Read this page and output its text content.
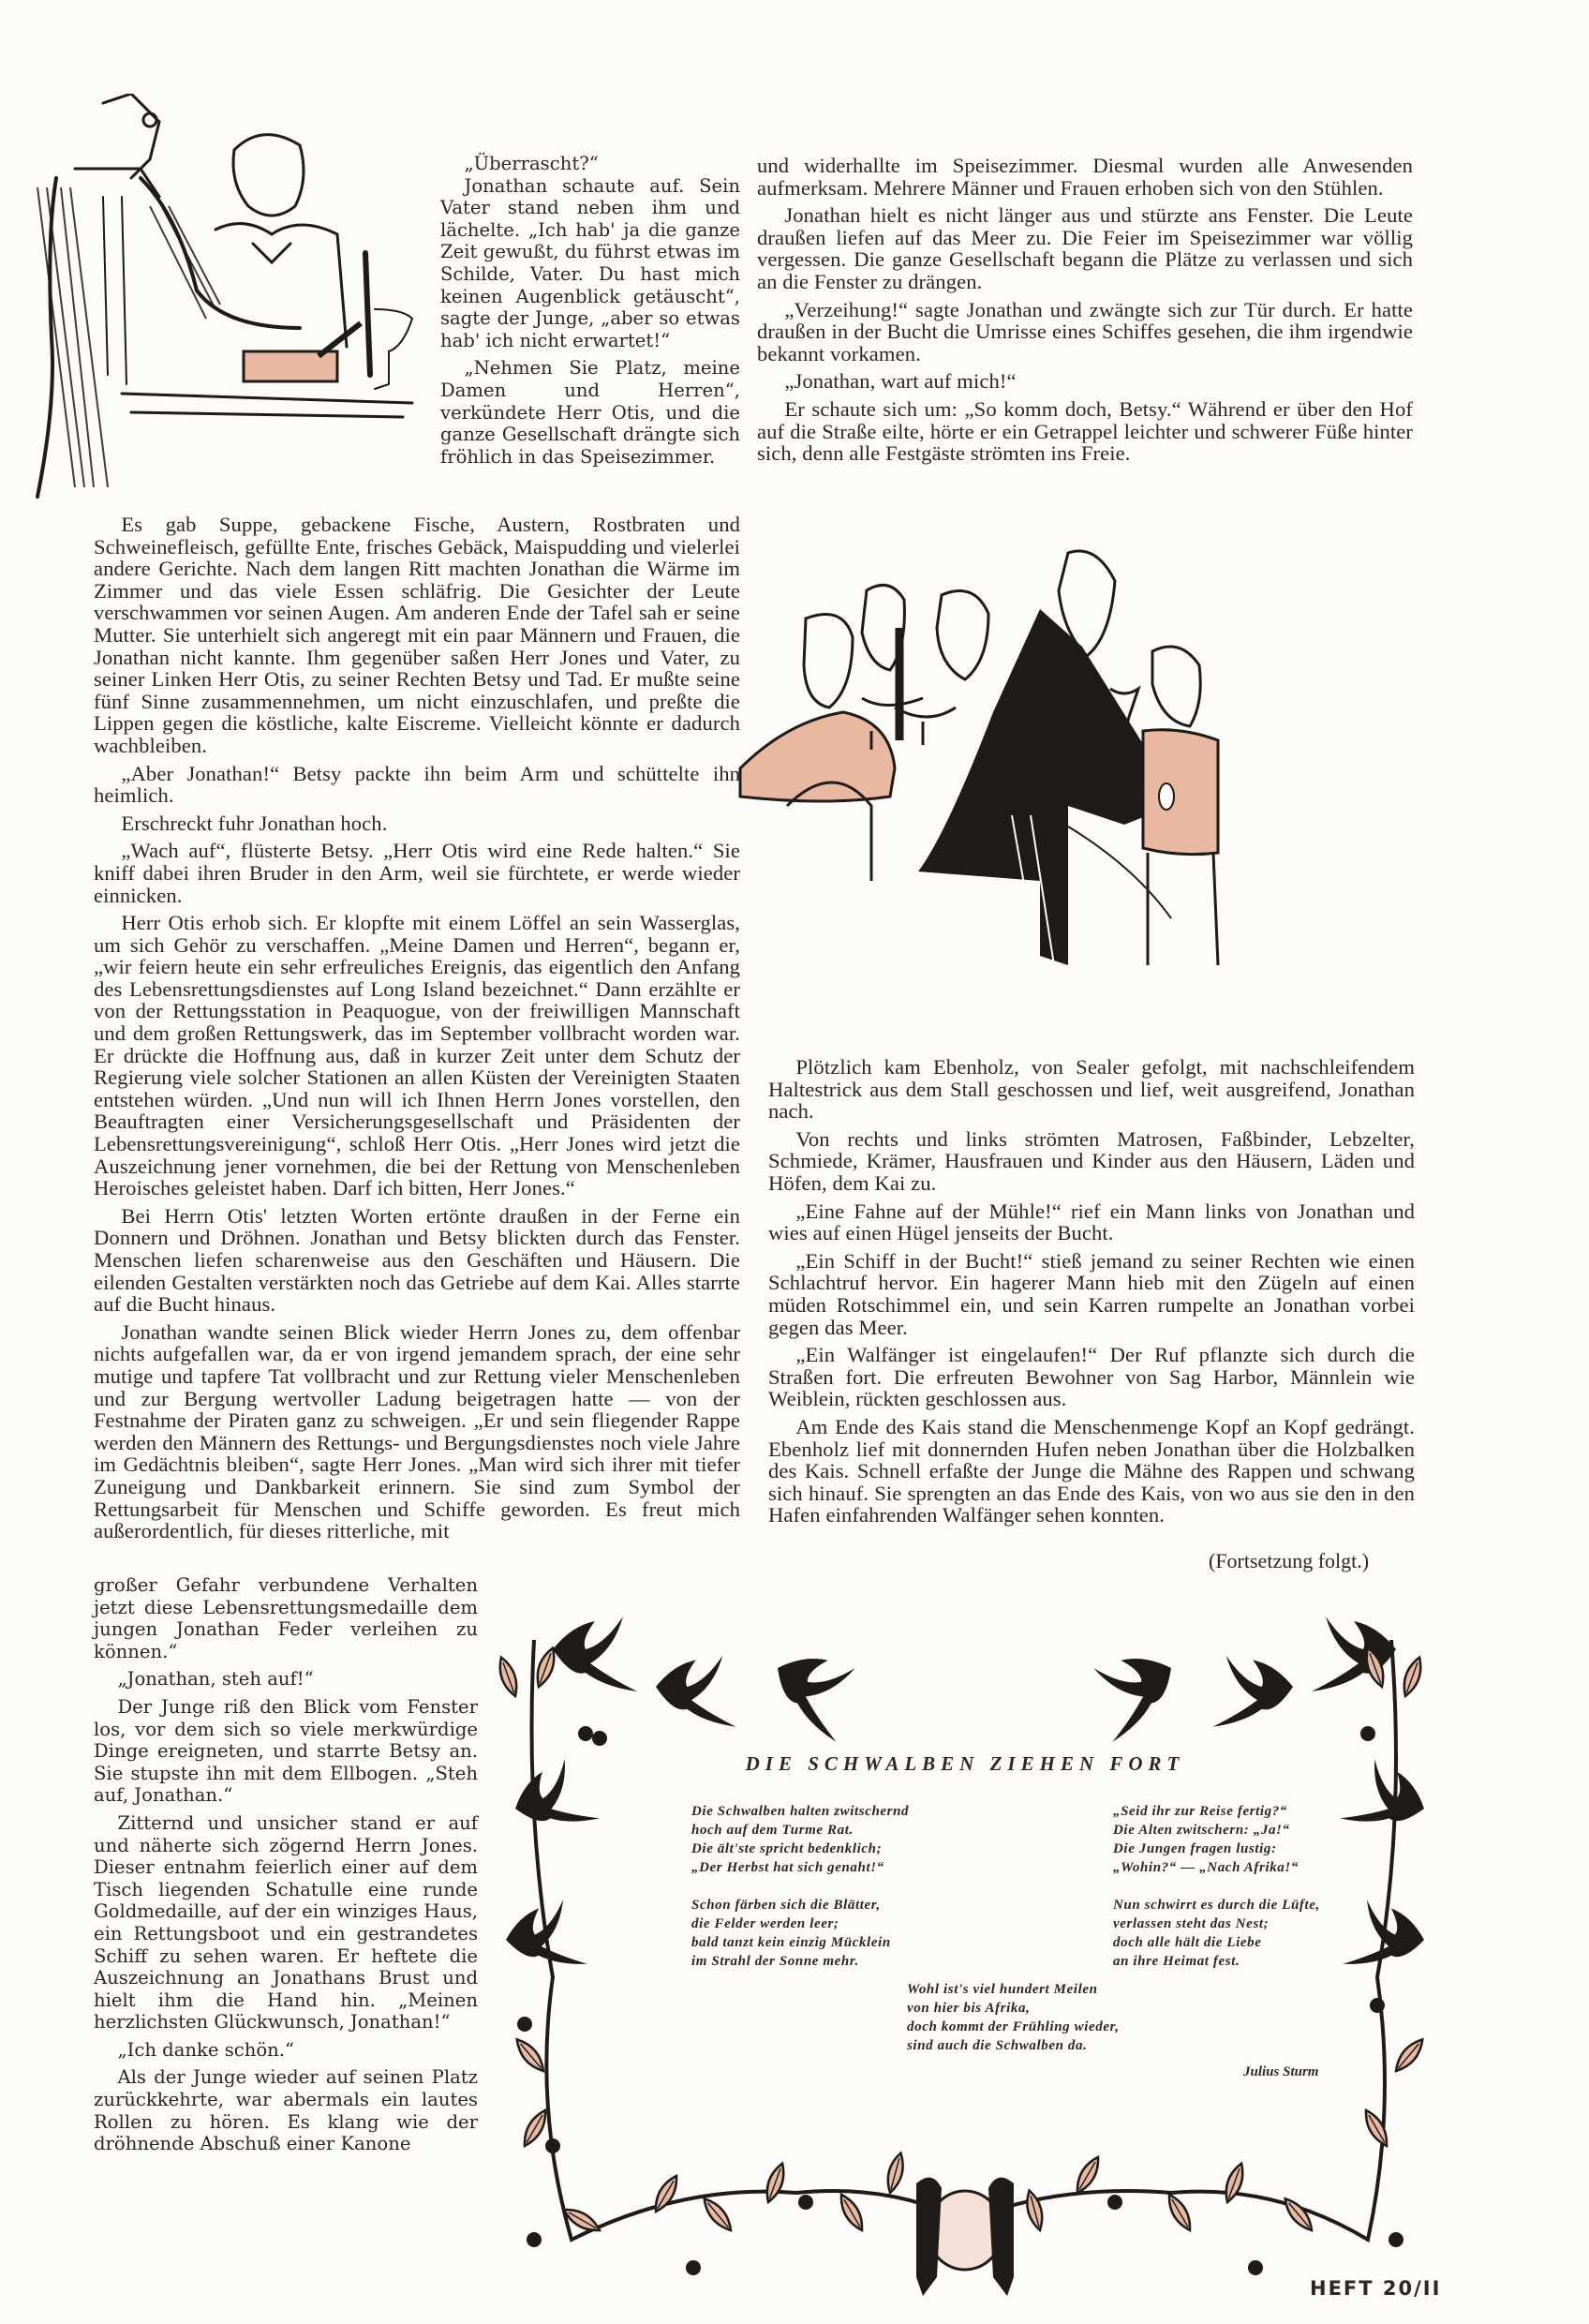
„Überrascht?“

Jonathan schaute auf. Sein Vater stand neben ihm und lächelte. „Ich hab' ja die ganze Zeit gewußt, du führst etwas im Schilde, Vater. Du hast mich keinen Augenblick getäuscht“, sagte der Junge, „aber so etwas hab' ich nicht erwartet!“

„Nehmen Sie Platz, meine Damen und Herren“, verkündete Herr Otis, und die ganze Gesellschaft drängte sich fröhlich in das Speisezimmer.

Es gab Suppe, gebackene Fische, Austern, Rostbraten und Schweinefleisch, gefüllte Ente, frisches Gebäck, Maispudding und vielerlei andere Gerichte. Nach dem langen Ritt machten Jonathan die Wärme im Zimmer und das viele Essen schläfrig. Die Gesichter der Leute verschwammen vor seinen Augen. Am anderen Ende der Tafel sah er seine Mutter. Sie unterhielt sich angeregt mit ein paar Männern und Frauen, die Jonathan nicht kannte. Ihm gegenüber saßen Herr Jones und Vater, zu seiner Linken Herr Otis, zu seiner Rechten Betsy und Tad. Er mußte seine fünf Sinne zusammennehmen, um nicht einzuschlafen, und preßte die Lippen gegen die köstliche, kalte Eiscreme. Vielleicht könnte er dadurch wachbleiben.

„Aber Jonathan!“ Betsy packte ihn beim Arm und schüttelte ihn heimlich.

Erschreckt fuhr Jonathan hoch.

„Wach auf“, flüsterte Betsy. „Herr Otis wird eine Rede halten.“ Sie kniff dabei ihren Bruder in den Arm, weil sie fürchtete, er werde wieder einnicken.

Herr Otis erhob sich. Er klopfte mit einem Löffel an sein Wasserglas, um sich Gehör zu verschaffen. „Meine Damen und Herren“, begann er, „wir feiern heute ein sehr erfreuliches Ereignis, das eigentlich den Anfang des Lebensrettungsdienstes auf Long Island bezeichnet.“ Dann erzählte er von der Rettungsstation in Peaquogue, von der freiwilligen Mannschaft und dem großen Rettungswerk, das im September vollbracht worden war. Er drückte die Hoffnung aus, daß in kurzer Zeit unter dem Schutz der Regierung viele solcher Stationen an allen Küsten der Vereinigten Staaten entstehen würden. „Und nun will ich Ihnen Herrn Jones vorstellen, den Beauftragten einer Versicherungsgesellschaft und Präsidenten der Lebensrettungsvereinigung“, schloß Herr Otis. „Herr Jones wird jetzt die Auszeichnung jener vornehmen, die bei der Rettung von Menschenleben Heroisches geleistet haben. Darf ich bitten, Herr Jones.“

Bei Herrn Otis' letzten Worten ertönte draußen in der Ferne ein Donnern und Dröhnen. Jonathan und Betsy blickten durch das Fenster. Menschen liefen scharenweise aus den Geschäften und Häusern. Die eilenden Gestalten verstärkten noch das Getriebe auf dem Kai. Alles starrte auf die Bucht hinaus.

Jonathan wandte seinen Blick wieder Herrn Jones zu, dem offenbar nichts aufgefallen war, da er von irgend jemandem sprach, der eine sehr mutige und tapfere Tat vollbracht und zur Rettung vieler Menschenleben und zur Bergung wertvoller Ladung beigetragen hatte — von der Festnahme der Piraten ganz zu schweigen. „Er und sein fliegender Rappe werden den Männern des Rettungs- und Bergungsdienstes noch viele Jahre im Gedächtnis bleiben“, sagte Herr Jones. „Man wird sich ihrer mit tiefer Zuneigung und Dankbarkeit erinnern. Sie sind zum Symbol der Rettungsarbeit für Menschen und Schiffe geworden. Es freut mich außerordentlich, für dieses ritterliche, mit

großer Gefahr verbundene Verhalten jetzt diese Lebensrettungsmedaille dem jungen Jonathan Feder verleihen zu können.“

„Jonathan, steh auf!“

Der Junge riß den Blick vom Fenster los, vor dem sich so viele merkwürdige Dinge ereigneten, und starrte Betsy an. Sie stupste ihn mit dem Ellbogen. „Steh auf, Jonathan.“

Zitternd und unsicher stand er auf und näherte sich zögernd Herrn Jones. Dieser entnahm feierlich einer auf dem Tisch liegenden Schatulle eine runde Goldmedaille, auf der ein winziges Haus, ein Rettungsboot und ein gestrandetes Schiff zu sehen waren. Er heftete die Auszeichnung an Jonathans Brust und hielt ihm die Hand hin. „Meinen herzlichsten Glückwunsch, Jonathan!“

„Ich danke schön.“

Als der Junge wieder auf seinen Platz zurückkehrte, war abermals ein lautes Rollen zu hören. Es klang wie der dröhnende Abschuß einer Kanone

und widerhallte im Speisezimmer. Diesmal wurden alle Anwesenden aufmerksam. Mehrere Männer und Frauen erhoben sich von den Stühlen.

Jonathan hielt es nicht länger aus und stürzte ans Fenster. Die Leute draußen liefen auf das Meer zu. Die Feier im Speisezimmer war völlig vergessen. Die ganze Gesellschaft begann die Plätze zu verlassen und sich an die Fenster zu drängen.

„Verzeihung!“ sagte Jonathan und zwängte sich zur Tür durch. Er hatte draußen in der Bucht die Umrisse eines Schiffes gesehen, die ihm irgendwie bekannt vorkamen.

„Jonathan, wart auf mich!“

Er schaute sich um: „So komm doch, Betsy.“ Während er über den Hof auf die Straße eilte, hörte er ein Getrappel leichter und schwerer Füße hinter sich, denn alle Festgäste strömten ins Freie.

Plötzlich kam Ebenholz, von Sealer gefolgt, mit nachschleifendem Haltestrick aus dem Stall geschossen und lief, weit ausgreifend, Jonathan nach.

Von rechts und links strömten Matrosen, Faßbinder, Lebzelter, Schmiede, Krämer, Hausfrauen und Kinder aus den Häusern, Läden und Höfen, dem Kai zu.

„Eine Fahne auf der Mühle!“ rief ein Mann links von Jonathan und wies auf einen Hügel jenseits der Bucht.

„Ein Schiff in der Bucht!“ stieß jemand zu seiner Rechten wie einen Schlachtruf hervor. Ein hagerer Mann hieb mit den Zügeln auf einen müden Rotschimmel ein, und sein Karren rumpelte an Jonathan vorbei gegen das Meer.

„Ein Walfänger ist eingelaufen!“ Der Ruf pflanzte sich durch die Straßen fort. Die erfreuten Bewohner von Sag Harbor, Männlein wie Weiblein, rückten geschlossen aus.

Am Ende des Kais stand die Menschenmenge Kopf an Kopf gedrängt. Ebenholz lief mit donnernden Hufen neben Jonathan über die Holzbalken des Kais. Schnell erfaßte der Junge die Mähne des Rappen und schwang sich hinauf. Sie sprengten an das Ende des Kais, von wo aus sie den in den Hafen einfahrenden Walfänger sehen konnten.

(Fortsetzung folgt.)
DIE SCHWALBEN ZIEHEN FORT
Die Schwalben halten zwitschernd
hoch auf dem Turme Rat.
Die ält'ste spricht bedenklich;
„Der Herbst hat sich genaht!“
Schon färben sich die Blätter,
die Felder werden leer;
bald tanzt kein einzig Mücklein
im Strahl der Sonne mehr.
„Seid ihr zur Reise fertig?“
Die Alten zwitschern: „Ja!“
Die Jungen fragen lustig:
„Wohin?“ — „Nach Afrika!“
Nun schwirrt es durch die Lüfte,
verlassen steht das Nest;
doch alle hält die Liebe
an ihre Heimat fest.
Wohl ist's viel hundert Meilen
von hier bis Afrika,
doch kommt der Frühling wieder,
sind auch die Schwalben da.
Julius Sturm
HEFT 20/II
